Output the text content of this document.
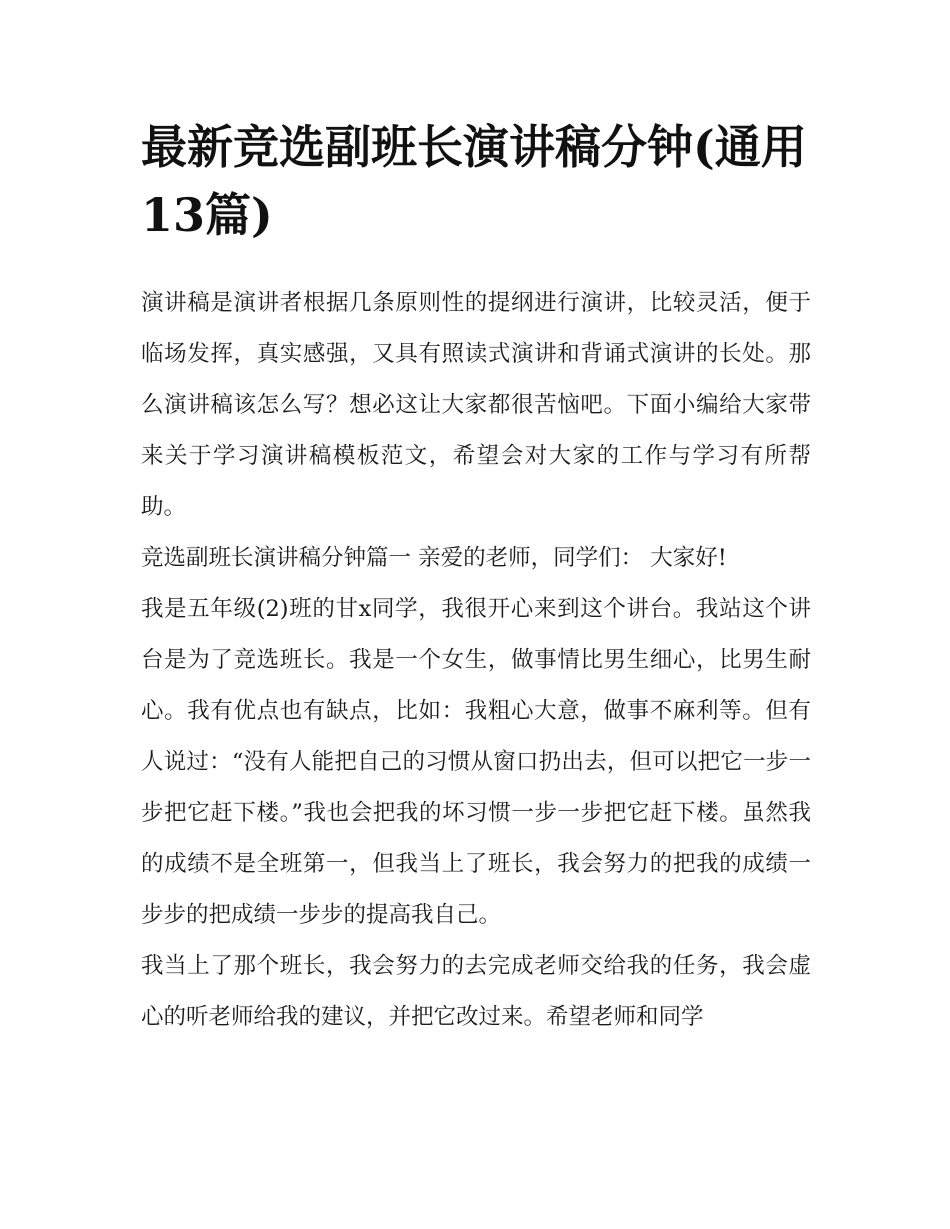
最新竞选副班长演讲稿分钟(通用13篇)

演讲稿是演讲者根据几条原则性的提纲进行演讲，比较灵活，便于临场发挥，真实感强，又具有照读式演讲和背诵式演讲的长处。那么演讲稿该怎么写？想必这让大家都很苦恼吧。下面小编给大家带来关于学习演讲稿模板范文，希望会对大家的工作与学习有所帮助。

竞选副班长演讲稿分钟篇一 亲爱的老师，同学们： 大家好!

我是五年级(2)班的甘x同学，我很开心来到这个讲台。我站这个讲台是为了竞选班长。我是一个女生，做事情比男生细心，比男生耐心。我有优点也有缺点，比如：我粗心大意，做事不麻利等。但有人说过：“没有人能把自己的习惯从窗口扔出去，但可以把它一步一步把它赶下楼。”我也会把我的坏习惯一步一步把它赶下楼。虽然我的成绩不是全班第一，但我当上了班长，我会努力的把我的成绩一步步的把成绩一步步的提高我自己。

我当上了那个班长，我会努力的去完成老师交给我的任务，我会虚心的听老师给我的建议，并把它改过来。希望老师和同学
